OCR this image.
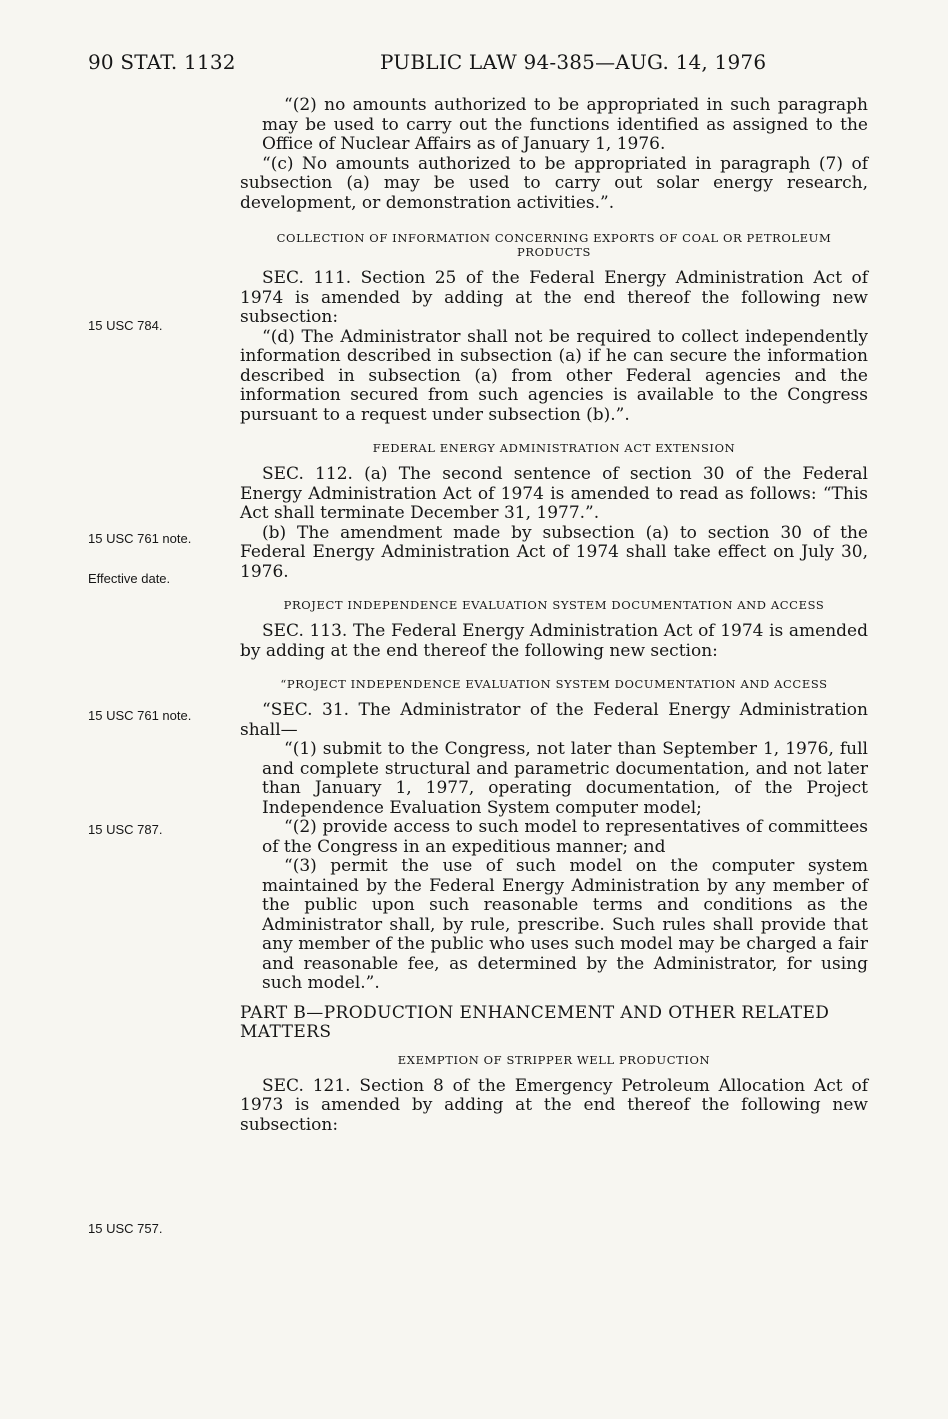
90 STAT. 1132	PUBLIC LAW 94-385—AUG. 14, 1976
15 USC 784.
15 USC 761 note.
Effective date.
15 USC 761 note.
15 USC 787.
15 USC 757.

“(2) no amounts authorized to be appropriated in such paragraph may be used to carry out the functions identified as assigned to the Office of Nuclear Affairs as of January 1, 1976.

“(c) No amounts authorized to be appropriated in paragraph (7) of subsection (a) may be used to carry out solar energy research, development, or demonstration activities.”.

COLLECTION OF INFORMATION CONCERNING EXPORTS OF COAL OR PETROLEUM PRODUCTS

SEC. 111. Section 25 of the Federal Energy Administration Act of 1974 is amended by adding at the end thereof the following new subsection:

“(d) The Administrator shall not be required to collect independently information described in subsection (a) if he can secure the information described in subsection (a) from other Federal agencies and the information secured from such agencies is available to the Congress pursuant to a request under subsection (b).”.

FEDERAL ENERGY ADMINISTRATION ACT EXTENSION

SEC. 112. (a) The second sentence of section 30 of the Federal Energy Administration Act of 1974 is amended to read as follows: “This Act shall terminate December 31, 1977.”.

(b) The amendment made by subsection (a) to section 30 of the Federal Energy Administration Act of 1974 shall take effect on July 30, 1976.

PROJECT INDEPENDENCE EVALUATION SYSTEM DOCUMENTATION AND ACCESS

SEC. 113. The Federal Energy Administration Act of 1974 is amended by adding at the end thereof the following new section:

“PROJECT INDEPENDENCE EVALUATION SYSTEM DOCUMENTATION AND ACCESS

“SEC. 31. The Administrator of the Federal Energy Administration shall—

“(1) submit to the Congress, not later than September 1, 1976, full and complete structural and parametric documentation, and not later than January 1, 1977, operating documentation, of the Project Independence Evaluation System computer model;

“(2) provide access to such model to representatives of committees of the Congress in an expeditious manner; and

“(3) permit the use of such model on the computer system maintained by the Federal Energy Administration by any member of the public upon such reasonable terms and conditions as the Administrator shall, by rule, prescribe. Such rules shall provide that any member of the public who uses such model may be charged a fair and reasonable fee, as determined by the Administrator, for using such model.”.

PART B—PRODUCTION ENHANCEMENT AND OTHER RELATED MATTERS
EXEMPTION OF STRIPPER WELL PRODUCTION

SEC. 121. Section 8 of the Emergency Petroleum Allocation Act of 1973 is amended by adding at the end thereof the following new subsection:
